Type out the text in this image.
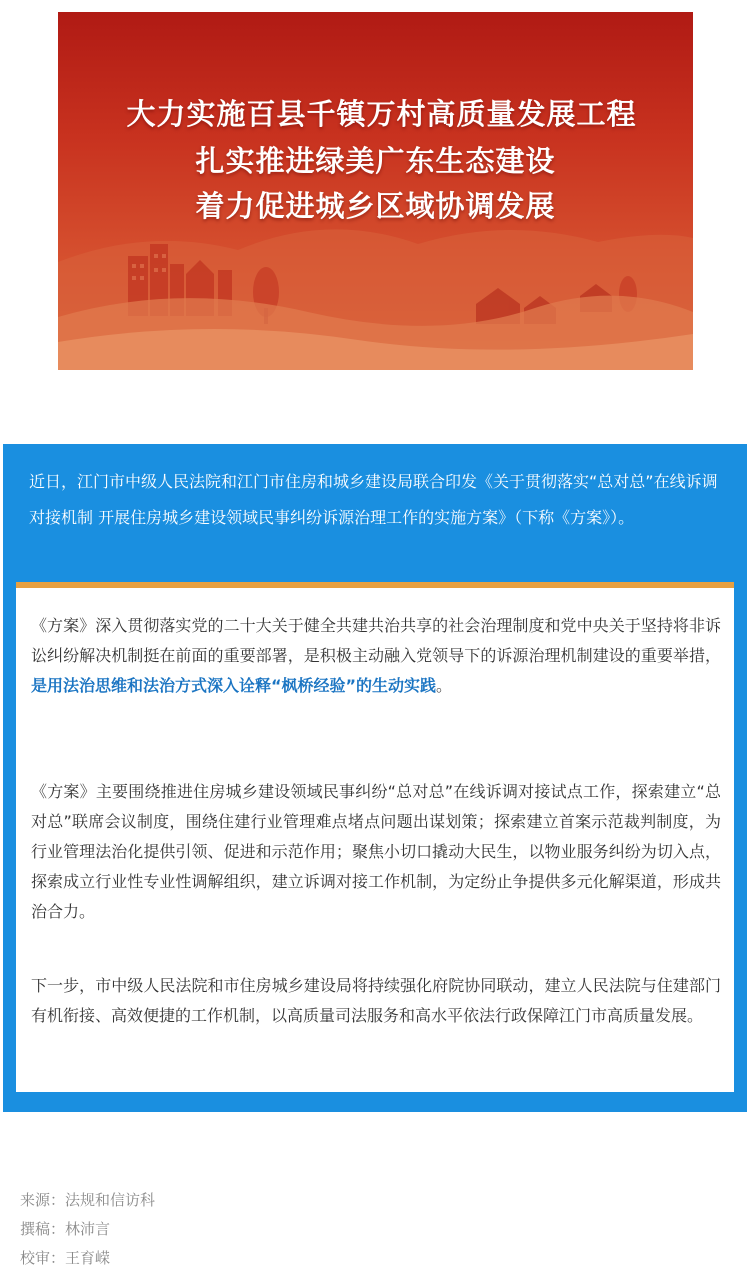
大力实施百县千镇万村高质量发展工程
扎实推进绿美广东生态建设
着力促进城乡区域协调发展
近日，江门市中级人民法院和江门市住房和城乡建设局联合印发《关于贯彻落实“总对总”在线诉调对接机制 开展住房城乡建设领域民事纠纷诉源治理工作的实施方案》（下称《方案》）。

《方案》深入贯彻落实党的二十大关于健全共建共治共享的社会治理制度和党中央关于坚持将非诉讼纠纷解决机制挺在前面的重要部署，是积极主动融入党领导下的诉源治理机制建设的重要举措，是用法治思维和法治方式深入诠释“枫桥经验”的生动实践。

《方案》主要围绕推进住房城乡建设领域民事纠纷“总对总”在线诉调对接试点工作，探索建立“总对总”联席会议制度，围绕住建行业管理难点堵点问题出谋划策；探索建立首案示范裁判制度，为行业管理法治化提供引领、促进和示范作用；聚焦小切口撬动大民生，以物业服务纠纷为切入点，探索成立行业性专业性调解组织，建立诉调对接工作机制，为定纷止争提供多元化解渠道，形成共治合力。

下一步，市中级人民法院和市住房城乡建设局将持续强化府院协同联动，建立人民法院与住建部门有机衔接、高效便捷的工作机制，以高质量司法服务和高水平依法行政保障江门市高质量发展。

来源：法规和信访科
撰稿：林沛言
校审：王育嵘
